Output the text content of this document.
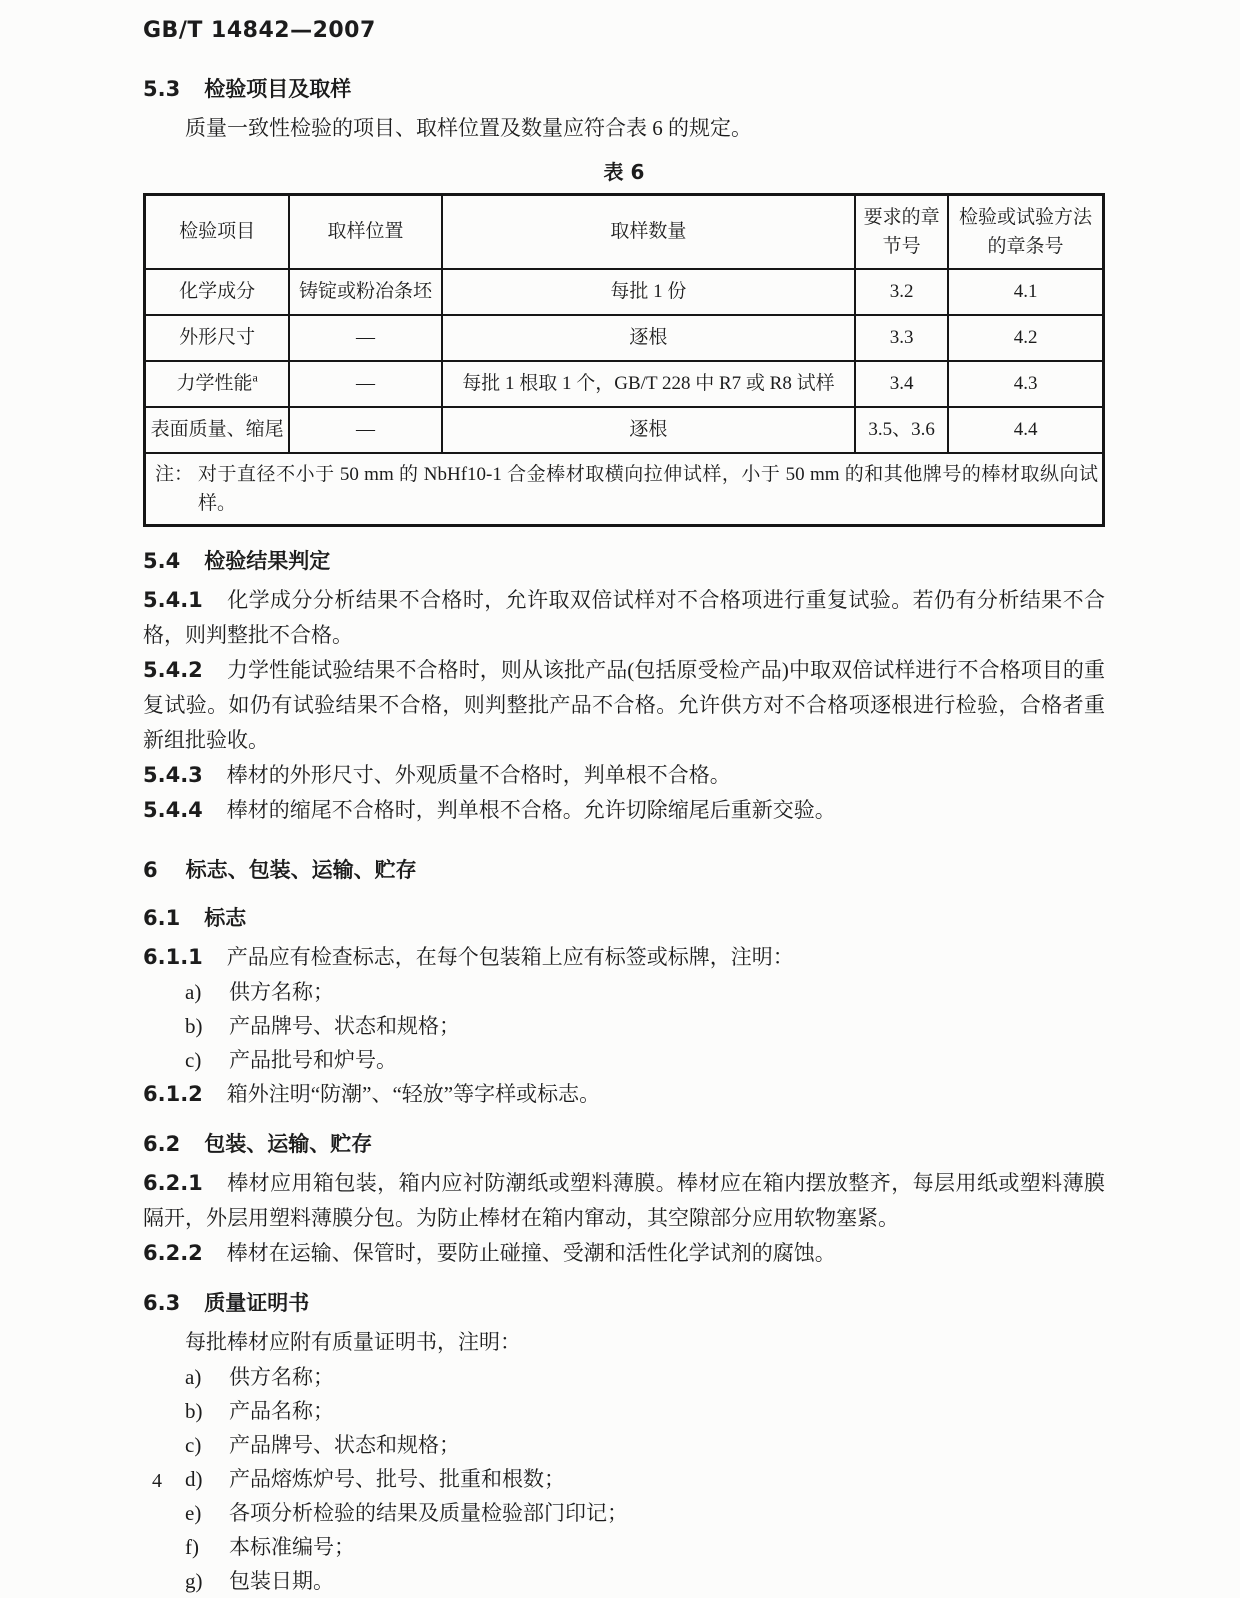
GB/T 14842—2007
5.3 检验项目及取样
质量一致性检验的项目、取样位置及数量应符合表 6 的规定。
表 6
检验项目	取样位置	取样数量	要求的章节号	检验或试验方法的章条号
化学成分	铸锭或粉冶条坯	每批 1 份	3.2	4.1
外形尺寸	—	逐根	3.3	4.2
力学性能$^a$	—	每批 1 根取 1 个，GB/T 228 中 R7 或 R8 试样	3.4	4.3
表面质量、缩尾	—	逐根	3.5、3.6	4.4

注： 对于直径不小于 50 mm 的 NbHf10-1 合金棒材取横向拉伸试样，小于 50 mm 的和其他牌号的棒材取纵向试样。				
5.4 检验结果判定
5.4.1 化学成分分析结果不合格时，允许取双倍试样对不合格项进行重复试验。若仍有分析结果不合格，则判整批不合格。
5.4.2 力学性能试验结果不合格时，则从该批产品(包括原受检产品)中取双倍试样进行不合格项目的重复试验。如仍有试验结果不合格，则判整批产品不合格。允许供方对不合格项逐根进行检验，合格者重新组批验收。
5.4.3 棒材的外形尺寸、外观质量不合格时，判单根不合格。
5.4.4 棒材的缩尾不合格时，判单根不合格。允许切除缩尾后重新交验。
6 标志、包装、运输、贮存
6.1 标志
6.1.1 产品应有检查标志，在每个包装箱上应有标签或标牌，注明：
a)	供方名称；
b)	产品牌号、状态和规格；
c)	产品批号和炉号。
6.1.2 箱外注明“防潮”、“轻放”等字样或标志。
6.2 包装、运输、贮存
6.2.1 棒材应用箱包装，箱内应衬防潮纸或塑料薄膜。棒材应在箱内摆放整齐，每层用纸或塑料薄膜隔开，外层用塑料薄膜分包。为防止棒材在箱内窜动，其空隙部分应用软物塞紧。
6.2.2 棒材在运输、保管时，要防止碰撞、受潮和活性化学试剂的腐蚀。
6.3 质量证明书
每批棒材应附有质量证明书，注明：
a)	供方名称；
b)	产品名称；
c)	产品牌号、状态和规格；
d)	产品熔炼炉号、批号、批重和根数；
e)	各项分析检验的结果及质量检验部门印记；
f)	本标准编号；
g)	包装日期。
4
